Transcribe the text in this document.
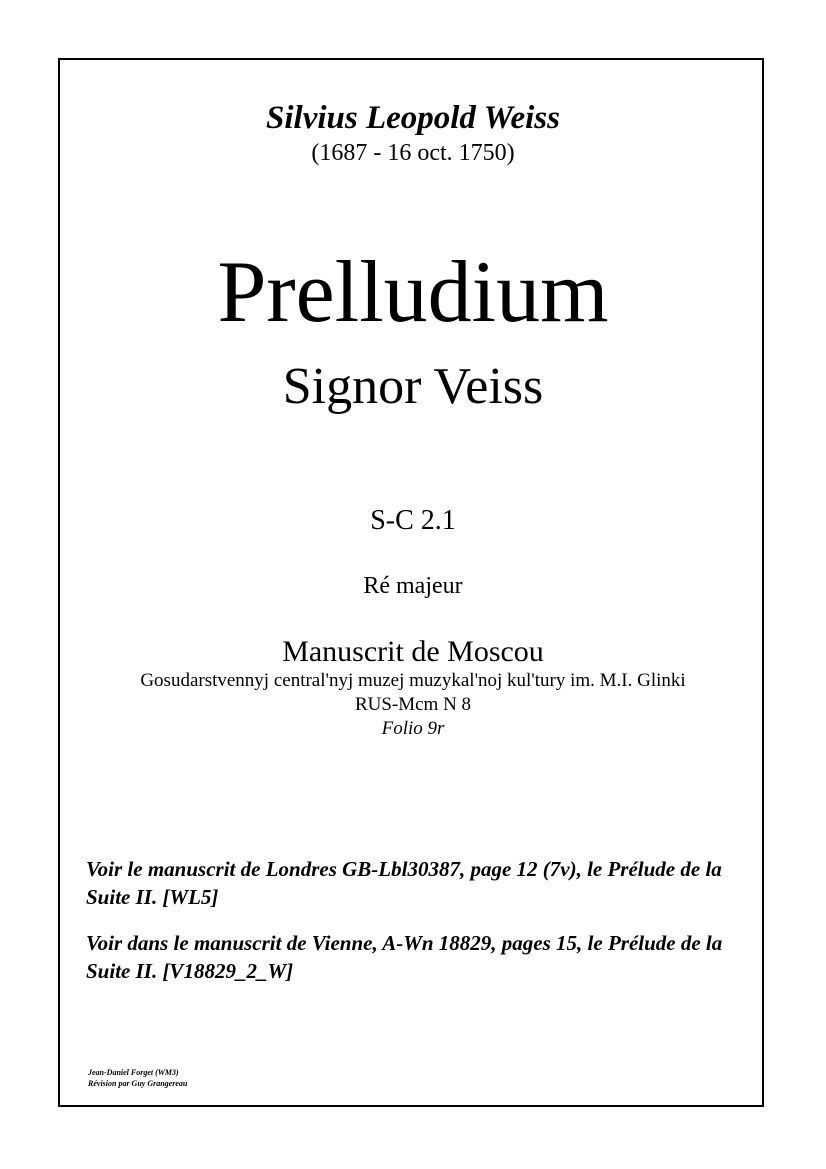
Silvius Leopold Weiss
(1687 - 16 oct. 1750)
Prelludium
Signor Veiss
S-C 2.1
Ré majeur
Manuscrit de Moscou
Gosudarstvennyj central'nyj muzej muzykal'noj kul'tury im. M.I. Glinki
RUS-Mcm N 8
Folio 9r
Voir le manuscrit de Londres GB-Lbl30387, page 12 (7v), le Prélude de la Suite II. [WL5]
Voir dans le manuscrit de Vienne, A-Wn 18829, pages 15, le Prélude de la Suite II. [V18829_2_W]
Jean-Daniel Forget (WM3)
Révision par Guy Grangereau
